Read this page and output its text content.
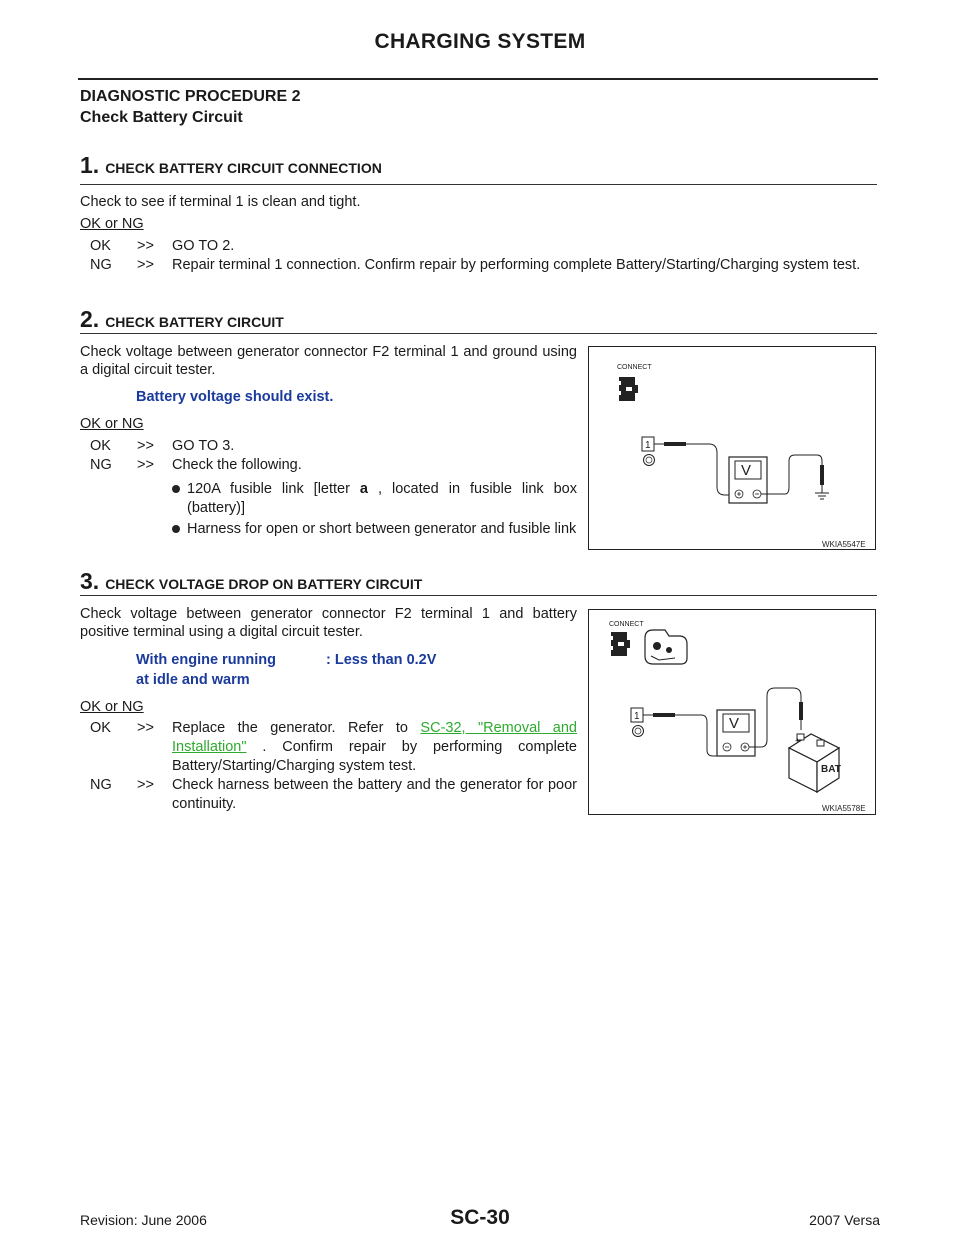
CHARGING SYSTEM
DIAGNOSTIC PROCEDURE 2
Check Battery Circuit
1. CHECK BATTERY CIRCUIT CONNECTION
Check to see if terminal 1 is clean and tight.
OK or NG
OK	>> GO TO 2.
NG	>> Repair terminal 1 connection. Confirm repair by performing complete Battery/Starting/Charging system test.
2. CHECK BATTERY CIRCUIT
Check voltage between generator connector F2 terminal 1 and ground using a digital circuit tester.
Battery voltage should exist.
OK or NG
OK	>> GO TO 3.
NG	>> Check the following.
120A fusible link [letter a , located in fusible link box (battery)]
Harness for open or short between generator and fusible link
CONNECT
1
V
WKIA5547E
3. CHECK VOLTAGE DROP ON BATTERY CIRCUIT
Check voltage between generator connector F2 terminal 1 and battery positive terminal using a digital circuit tester.
With engine running
at idle and warm
: Less than 0.2V
OK or NG
OK	>> Replace the generator. Refer to SC-32, "Removal and Installation" . Confirm repair by performing complete Battery/Starting/Charging system test.
NG	>> Check harness between the battery and the generator for poor continuity.
CONNECT
1	V
+
BAT
WKIA5578E
Revision: June 2006	SC-30	2007 Versa
